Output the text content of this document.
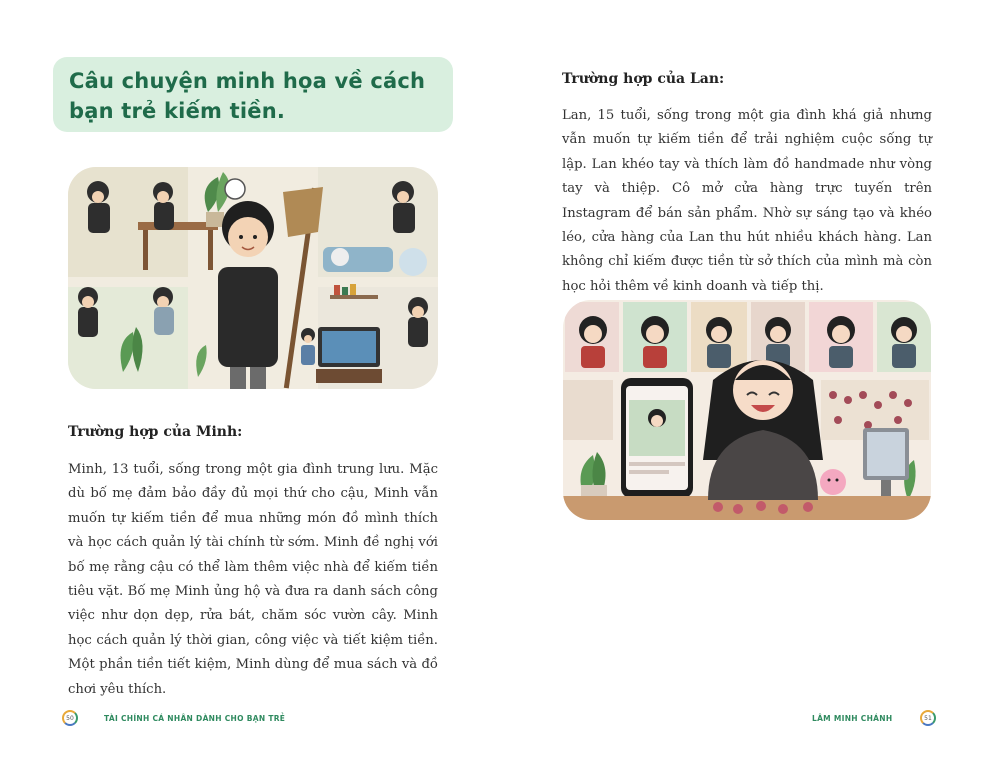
Câu chuyện minh họa về cách bạn trẻ kiếm tiền.
Trường hợp của Minh:

Minh, 13 tuổi, sống trong một gia đình trung lưu. Mặc dù bố mẹ đảm bảo đầy đủ mọi thứ cho cậu, Minh vẫn muốn tự kiếm tiền để mua những món đồ mình thích và học cách quản lý tài chính từ sớm. Minh đề nghị với bố mẹ rằng cậu có thể làm thêm việc nhà để kiếm tiền tiêu vặt. Bố mẹ Minh ủng hộ và đưa ra danh sách công việc như dọn dẹp, rửa bát, chăm sóc vườn cây. Minh học cách quản lý thời gian, công việc và tiết kiệm tiền. Một phần tiền tiết kiệm, Minh dùng để mua sách và đồ chơi yêu thích.

50	TÀI CHÍNH CÁ NHÂN DÀNH CHO BẠN TRẺ
Trường hợp của Lan:

Lan, 15 tuổi, sống trong một gia đình khá giả nhưng vẫn muốn tự kiếm tiền để trải nghiệm cuộc sống tự lập. Lan khéo tay và thích làm đồ handmade như vòng tay và thiệp. Cô mở cửa hàng trực tuyến trên Instagram để bán sản phẩm. Nhờ sự sáng tạo và khéo léo, cửa hàng của Lan thu hút nhiều khách hàng. Lan không chỉ kiếm được tiền từ sở thích của mình mà còn học hỏi thêm về kinh doanh và tiếp thị.

LÂM MINH CHÁNH	51
